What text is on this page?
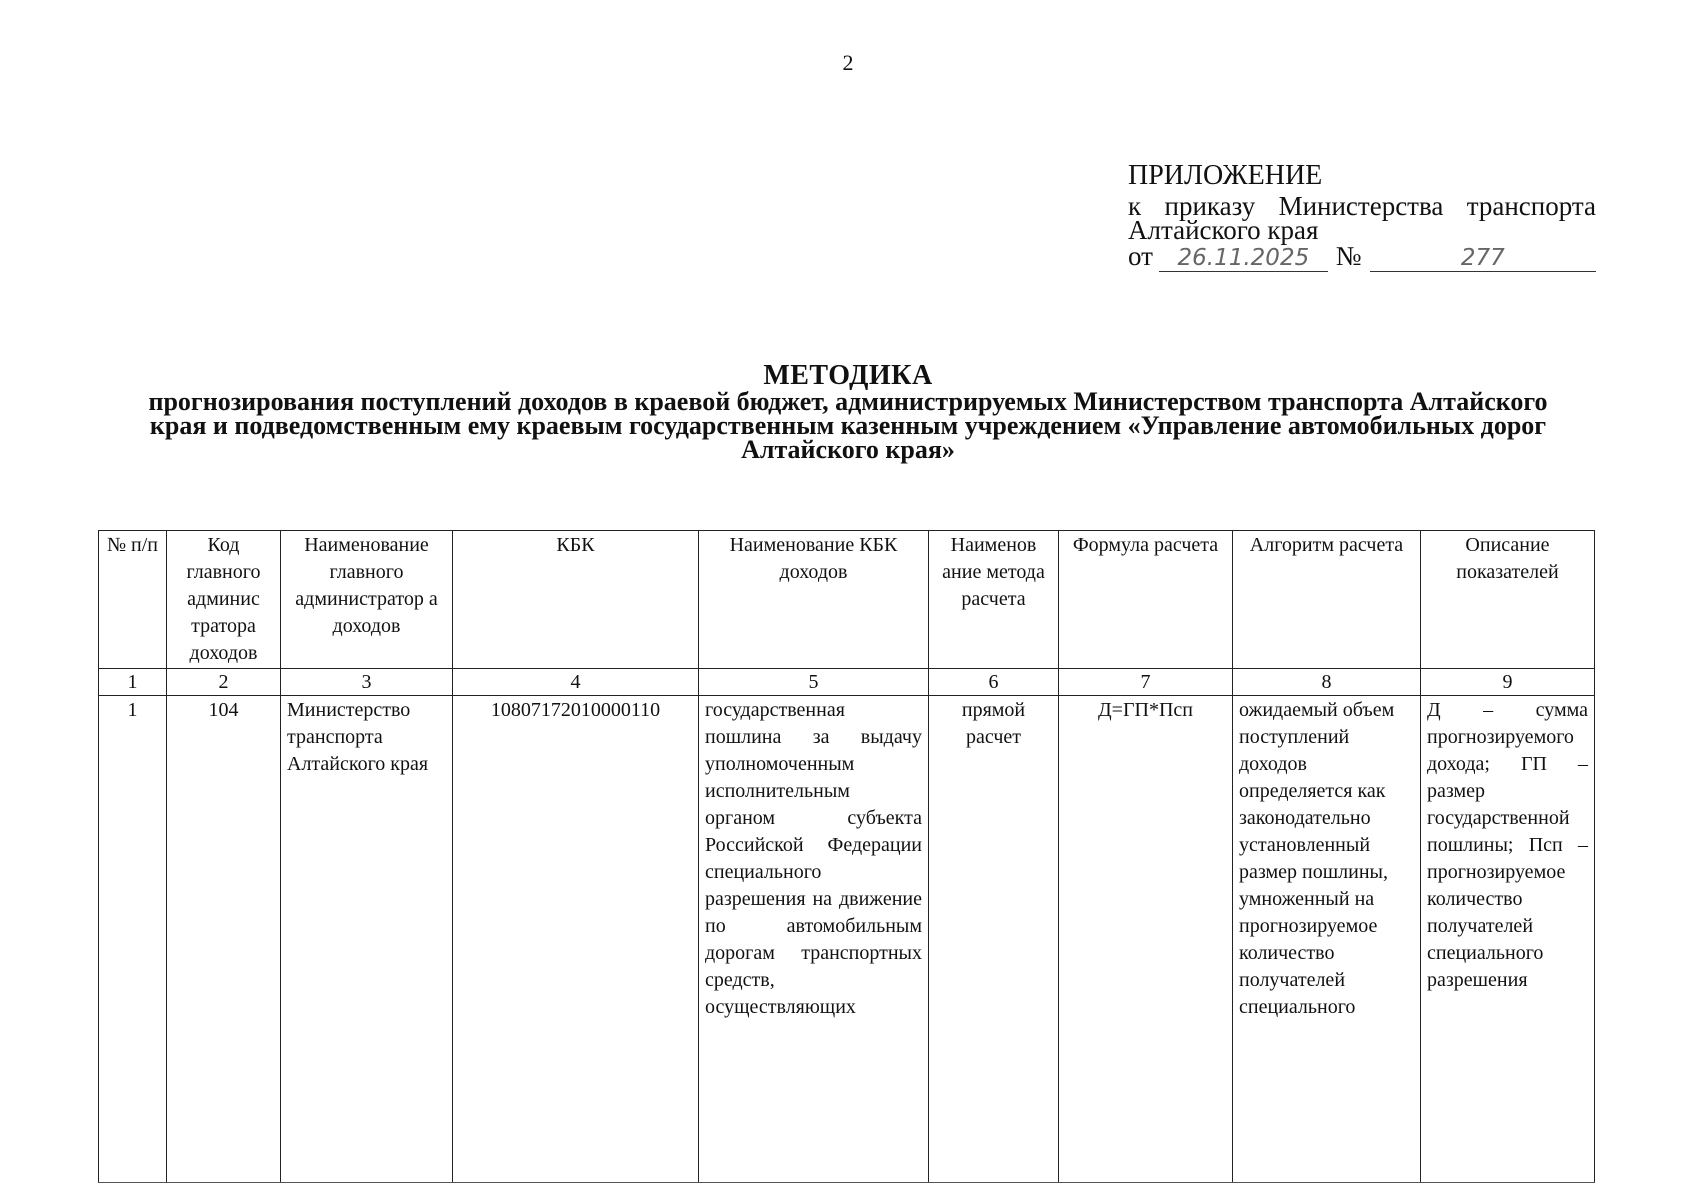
2
ПРИЛОЖЕНИЕ
к приказу Министерства транспорта
Алтайского края
от	26.11.2025 №	277
МЕТОДИКА
прогнозирования поступлений доходов в краевой бюджет, администрируемых Министерством транспорта Алтайского
края и подведомственным ему краевым государственным казенным учреждением «Управление автомобильных дорог
Алтайского края»
№ п/п	Код главного админис тратора доходов	Наименование главного администратор а доходов	КБК	Наименование КБК доходов	Наименов ание метода расчета	Формула расчета	Алгоритм расчета	Описание показателей
1	2	3	4	5	6	7	8	9
1	104	Министерство транспорта Алтайского края	10807172010000110	государственная пошлина за выдачу уполномоченным исполнительным органом субъекта Российской Федерации специального разрешения на движение по автомобильным дорогам транспортных средств, осуществляющих	прямой расчет	Д=ГП*Псп	ожидаемый объем поступлений доходов определяется как законодательно установленный размер пошлины, умноженный на прогнозируемое количество получателей специального	Д – сумма прогнозируемого дохода; ГП – размер государственной пошлины; Псп – прогнозируемое количество получателей специального разрешения
